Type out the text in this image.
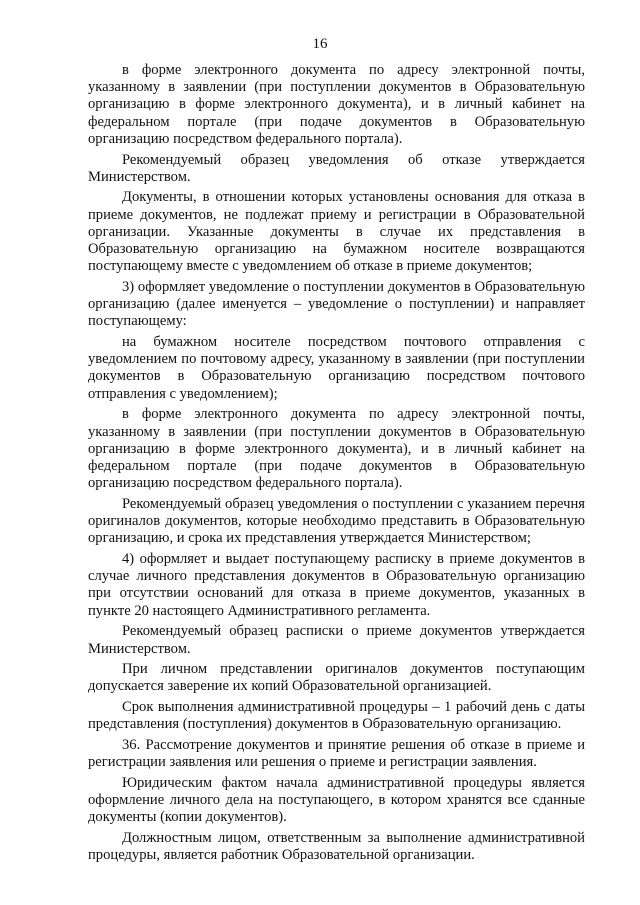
16

в форме электронного документа по адресу электронной почты, указанному в заявлении (при поступлении документов в Образовательную организацию в форме электронного документа), и в личный кабинет на федеральном портале (при подаче документов в Образовательную организацию посредством федерального портала).

Рекомендуемый образец уведомления об отказе утверждается Министерством.

Документы, в отношении которых установлены основания для отказа в приеме документов, не подлежат приему и регистрации в Образовательной организации. Указанные документы в случае их представления в Образовательную организацию на бумажном носителе возвращаются поступающему вместе с уведомлением об отказе в приеме документов;

3) оформляет уведомление о поступлении документов в Образовательную организацию (далее именуется – уведомление о поступлении) и направляет поступающему:

на бумажном носителе посредством почтового отправления с уведомлением по почтовому адресу, указанному в заявлении (при поступлении документов в Образовательную организацию посредством почтового отправления с уведомлением);

в форме электронного документа по адресу электронной почты, указанному в заявлении (при поступлении документов в Образовательную организацию в форме электронного документа), и в личный кабинет на федеральном портале (при подаче документов в Образовательную организацию посредством федерального портала).

Рекомендуемый образец уведомления о поступлении с указанием перечня оригиналов документов, которые необходимо представить в Образовательную организацию, и срока их представления утверждается Министерством;

4) оформляет и выдает поступающему расписку в приеме документов в случае личного представления документов в Образовательную организацию при отсутствии оснований для отказа в приеме документов, указанных в пункте 20 настоящего Административного регламента.

Рекомендуемый образец расписки о приеме документов утверждается Министерством.

При личном представлении оригиналов документов поступающим допускается заверение их копий Образовательной организацией.

Срок выполнения административной процедуры – 1 рабочий день с даты представления (поступления) документов в Образовательную организацию.

36. Рассмотрение документов и принятие решения об отказе в приеме и регистрации заявления или решения о приеме и регистрации заявления.

Юридическим фактом начала административной процедуры является оформление личного дела на поступающего, в котором хранятся все сданные документы (копии документов).

Должностным лицом, ответственным за выполнение административной процедуры, является работник Образовательной организации.
